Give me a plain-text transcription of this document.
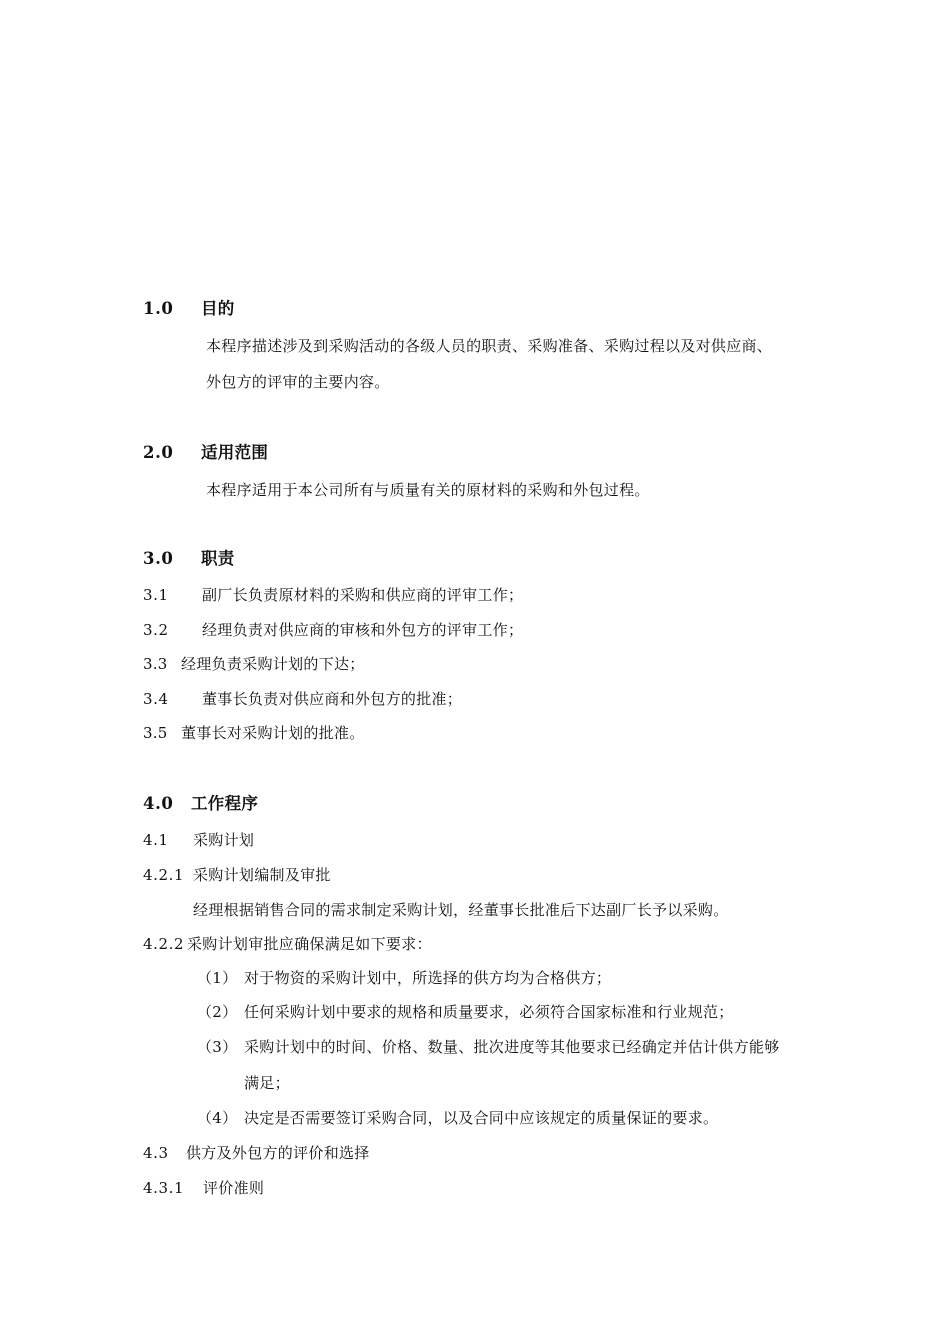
1.0 目的
本程序描述涉及到采购活动的各级人员的职责、采购准备、采购过程以及对供应商、
外包方的评审的主要内容。
2.0 适用范围
本程序适用于本公司所有与质量有关的原材料的采购和外包过程。
3.0 职责
3.1 副厂长负责原材料的采购和供应商的评审工作；
3.2 经理负责对供应商的审核和外包方的评审工作；
3.3 经理负责采购计划的下达；
3.4 董事长负责对供应商和外包方的批准；
3.5 董事长对采购计划的批准。
4.0 工作程序
4.1 采购计划
4.2.1 采购计划编制及审批
经理根据销售合同的需求制定采购计划，经董事长批准后下达副厂长予以采购。
4.2.2 采购计划审批应确保满足如下要求：
（1） 对于物资的采购计划中，所选择的供方均为合格供方；
（2） 任何采购计划中要求的规格和质量要求，必须符合国家标准和行业规范；
（3） 采购计划中的时间、价格、数量、批次进度等其他要求已经确定并估计供方能够
满足；
（4） 决定是否需要签订采购合同，以及合同中应该规定的质量保证的要求。
4.3 供方及外包方的评价和选择
4.3.1 评价准则
